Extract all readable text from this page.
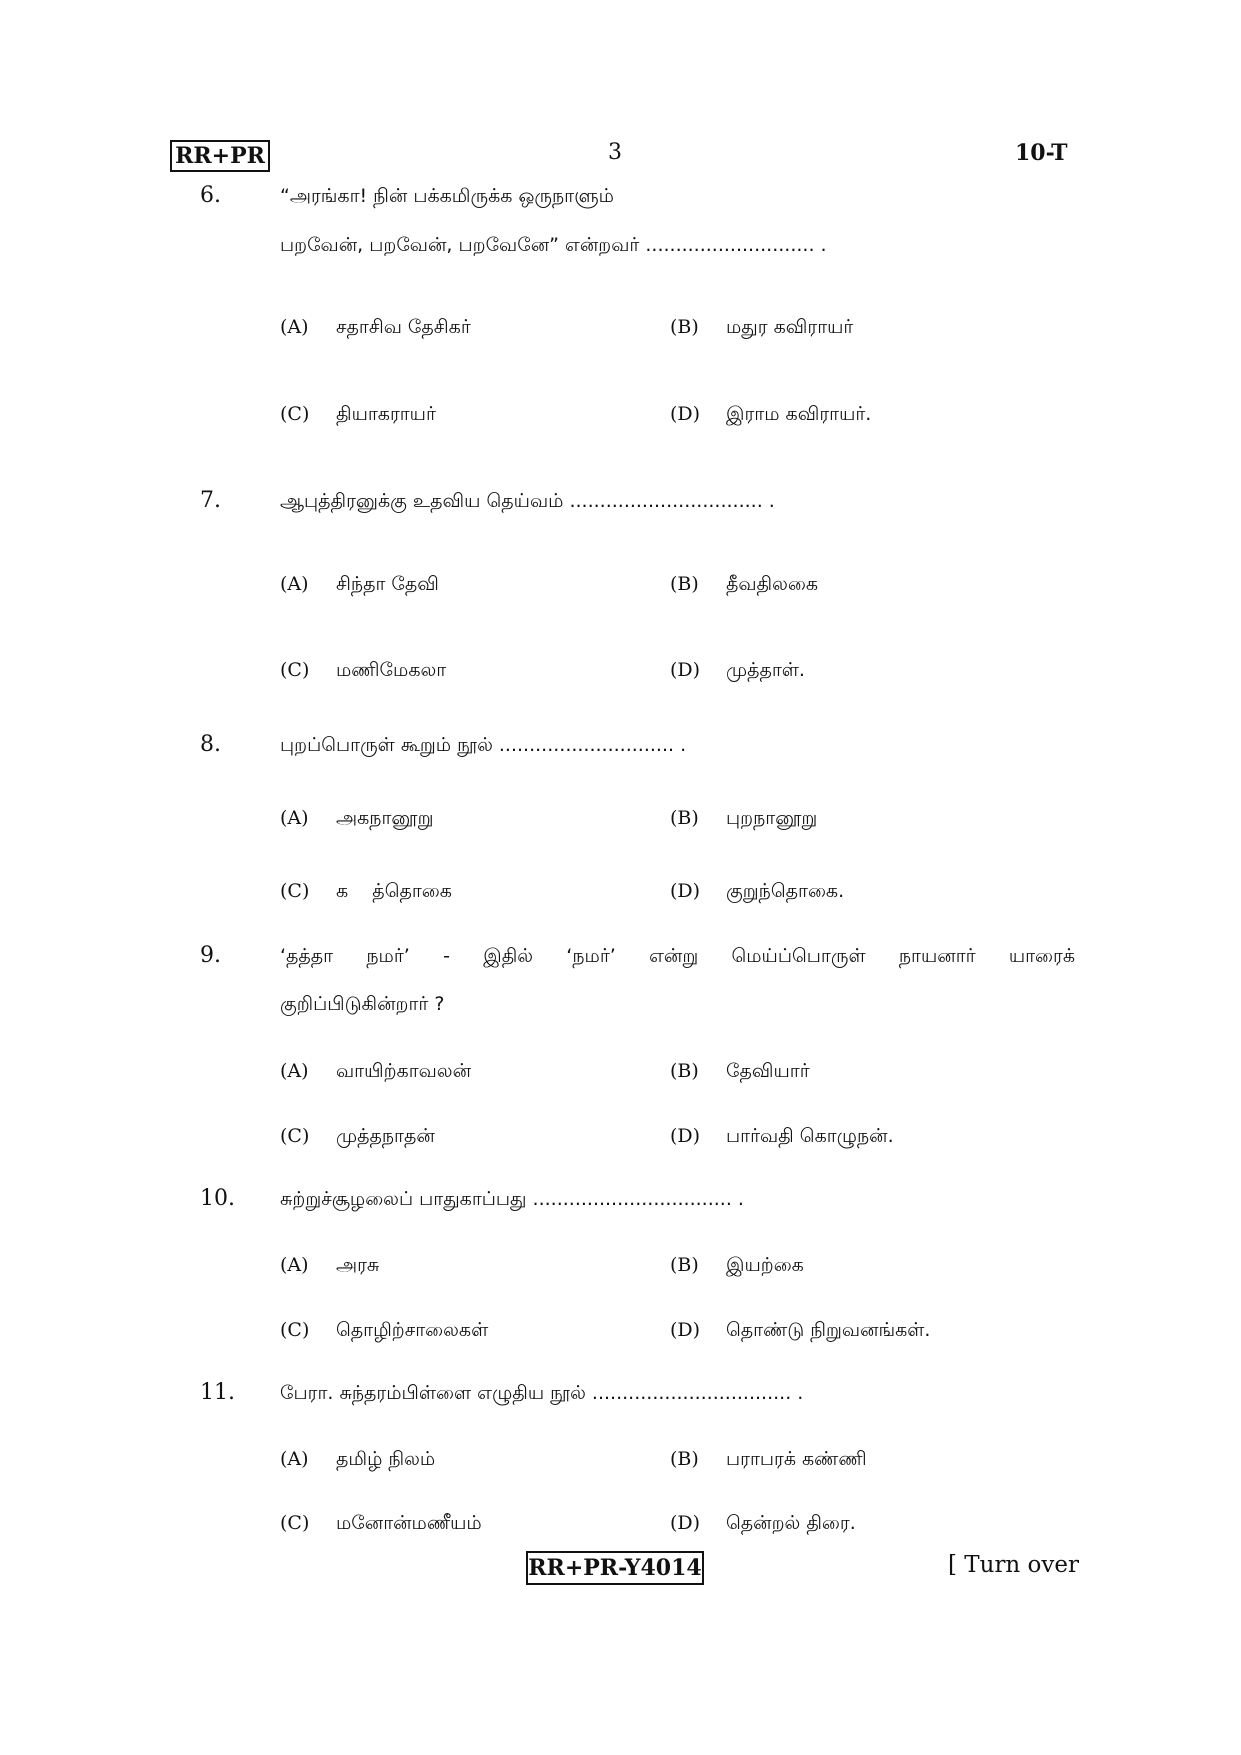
RR+PR	3	10-T
6.	“அரங்கா! நின் பக்கமிருக்க ஒருநாளும்
பறவேன், பறவேன், பறவேனே” என்றவர் ............................ .
(A) சதாசிவ தேசிகர்	(B) மதுர கவிராயர்
(C) தியாகராயர்	(D) இராம கவிராயர்.
7.	ஆபுத்திரனுக்கு உதவிய தெய்வம் ................................ .
(A) சிந்தா தேவி	(B) தீவதிலகை
(C) மணிமேகலா	(D) முத்தாள்.
8.	புறப்பொருள் கூறும் நூல் ............................. .
(A) அகநானூறு	(B) புறநானூறு
(C) க    த்தொகை	(D) குறுந்தொகை.
9.	‘தத்தா நமர்’ - இதில் ‘நமர்’ என்று மெய்ப்பொருள் நாயனார் யாரைக்
குறிப்பிடுகின்றார் ?
(A) வாயிற்காவலன்	(B) தேவியார்
(C) முத்தநாதன்	(D) பார்வதி கொழுநன்.
10.	சுற்றுச்சூழலைப் பாதுகாப்பது ................................. .
(A) அரசு	(B) இயற்கை
(C) தொழிற்சாலைகள்	(D) தொண்டு நிறுவனங்கள்.
11.	பேரா. சுந்தரம்பிள்ளை எழுதிய நூல் ................................. .
(A) தமிழ் நிலம்	(B) பராபரக் கண்ணி
(C) மனோன்மணீயம்	(D) தென்றல் திரை.
RR+PR-Y4014	[ Turn over
